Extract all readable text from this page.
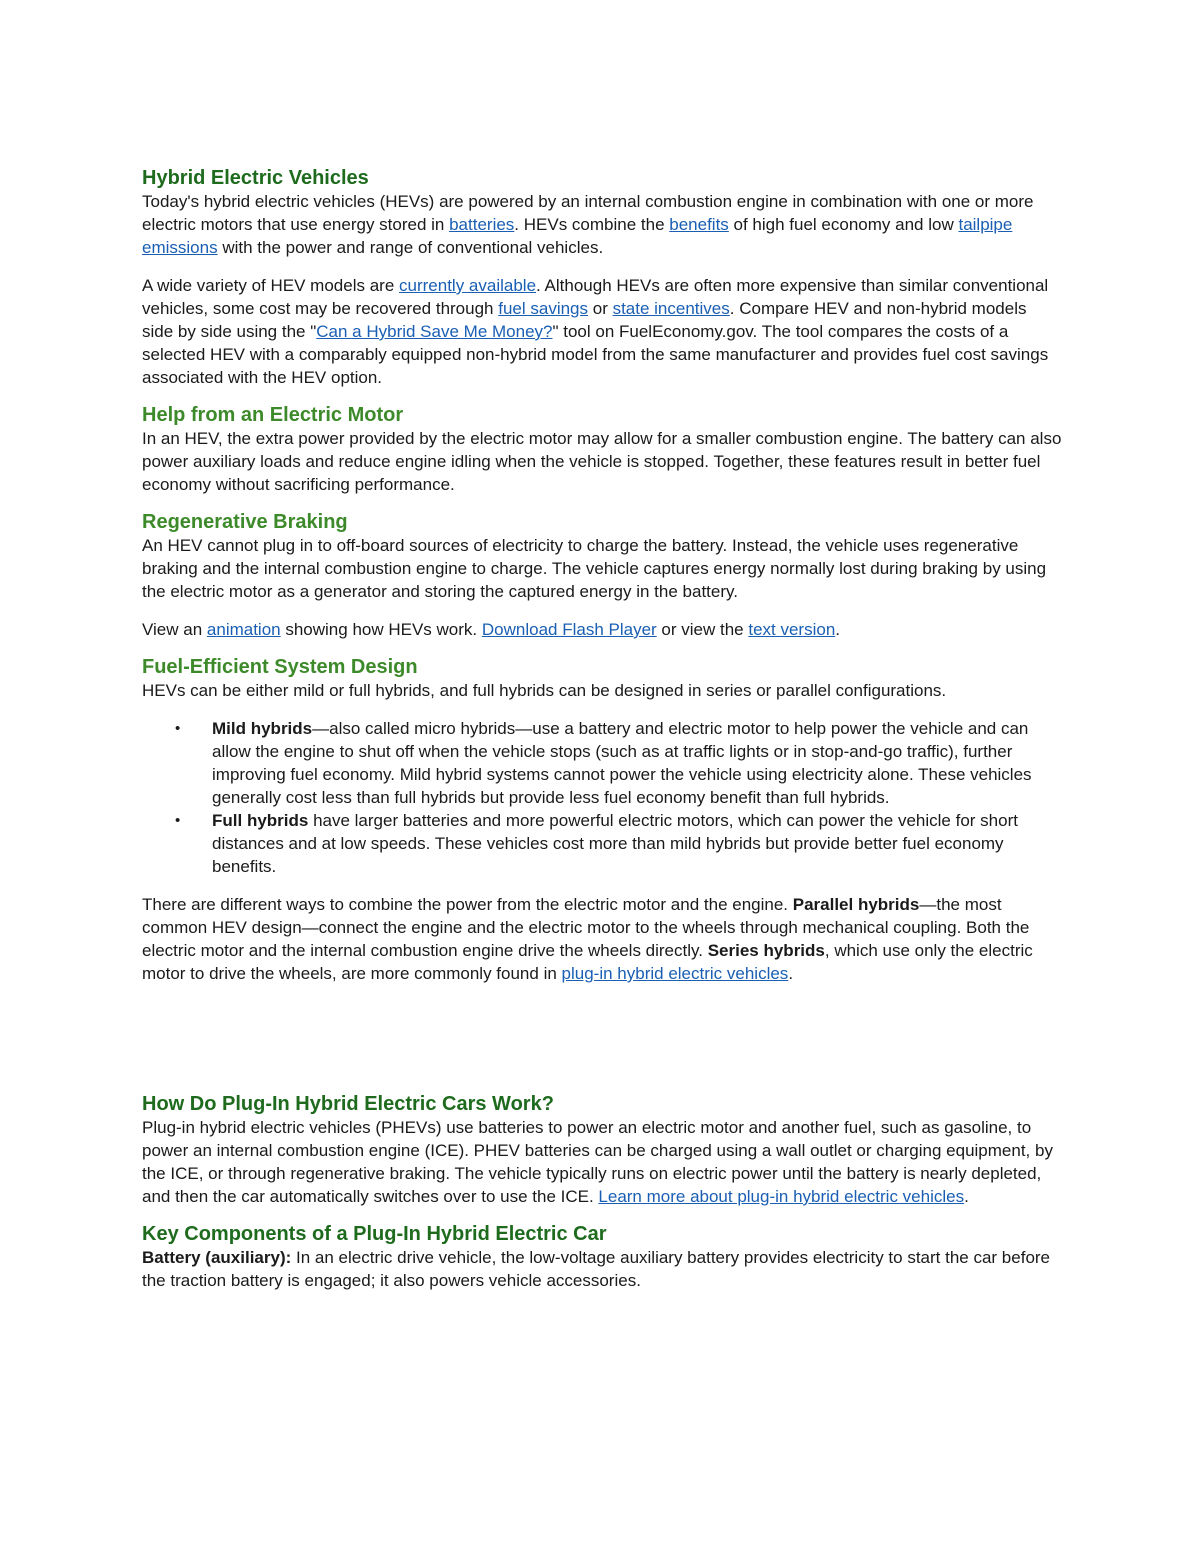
Hybrid Electric Vehicles

Today's hybrid electric vehicles (HEVs) are powered by an internal combustion engine in combination with one or more electric motors that use energy stored in batteries. HEVs combine the benefits of high fuel economy and low tailpipe emissions with the power and range of conventional vehicles.

A wide variety of HEV models are currently available. Although HEVs are often more expensive than similar conventional vehicles, some cost may be recovered through fuel savings or state incentives. Compare HEV and non-hybrid models side by side using the "Can a Hybrid Save Me Money?" tool on FuelEconomy.gov. The tool compares the costs of a selected HEV with a comparably equipped non-hybrid model from the same manufacturer and provides fuel cost savings associated with the HEV option.

Help from an Electric Motor

In an HEV, the extra power provided by the electric motor may allow for a smaller combustion engine. The battery can also power auxiliary loads and reduce engine idling when the vehicle is stopped. Together, these features result in better fuel economy without sacrificing performance.

Regenerative Braking

An HEV cannot plug in to off-board sources of electricity to charge the battery. Instead, the vehicle uses regenerative braking and the internal combustion engine to charge. The vehicle captures energy normally lost during braking by using the electric motor as a generator and storing the captured energy in the battery.

View an animation showing how HEVs work. Download Flash Player or view the text version.

Fuel-Efficient System Design

HEVs can be either mild or full hybrids, and full hybrids can be designed in series or parallel configurations.

• Mild hybrids—also called micro hybrids—use a battery and electric motor to help power the vehicle and can allow the engine to shut off when the vehicle stops (such as at traffic lights or in stop-and-go traffic), further improving fuel economy. Mild hybrid systems cannot power the vehicle using electricity alone. These vehicles generally cost less than full hybrids but provide less fuel economy benefit than full hybrids.
• Full hybrids have larger batteries and more powerful electric motors, which can power the vehicle for short distances and at low speeds. These vehicles cost more than mild hybrids but provide better fuel economy benefits.

There are different ways to combine the power from the electric motor and the engine. Parallel hybrids—the most common HEV design—connect the engine and the electric motor to the wheels through mechanical coupling. Both the electric motor and the internal combustion engine drive the wheels directly. Series hybrids, which use only the electric motor to drive the wheels, are more commonly found in plug-in hybrid electric vehicles.

How Do Plug-In Hybrid Electric Cars Work?

Plug-in hybrid electric vehicles (PHEVs) use batteries to power an electric motor and another fuel, such as gasoline, to power an internal combustion engine (ICE). PHEV batteries can be charged using a wall outlet or charging equipment, by the ICE, or through regenerative braking. The vehicle typically runs on electric power until the battery is nearly depleted, and then the car automatically switches over to use the ICE. Learn more about plug-in hybrid electric vehicles.

Key Components of a Plug-In Hybrid Electric Car

Battery (auxiliary): In an electric drive vehicle, the low-voltage auxiliary battery provides electricity to start the car before the traction battery is engaged; it also powers vehicle accessories.
